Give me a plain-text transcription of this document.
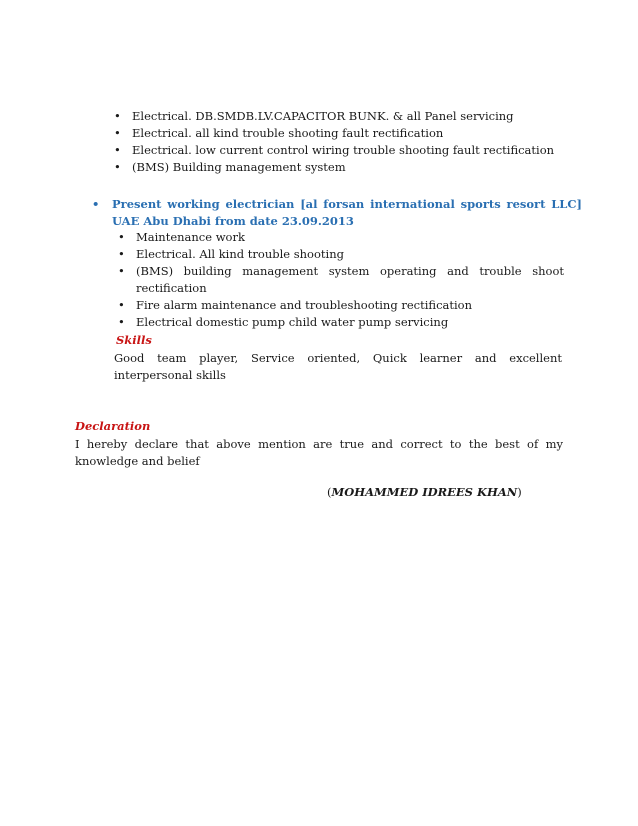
• Electrical. DB.SMDB.LV.CAPACITOR BUNK. & all Panel servicing
• Electrical. all kind trouble shooting fault rectification
• Electrical. low current control wiring trouble shooting fault rectification
• (BMS) Building management system
• Present working electrician [al forsan international sports resort LLC] UAE Abu Dhabi from date 23.09.2013
• Maintenance work
• Electrical. All kind trouble shooting
• (BMS) building management system operating and trouble shoot rectification
• Fire alarm maintenance and troubleshooting rectification
• Electrical domestic pump child water pump servicing
Skills
Good team player, Service oriented, Quick learner and excellent interpersonal skills
Declaration
I hereby declare that above mention are true and correct to the best of my knowledge and belief
(MOHAMMED IDREES KHAN)
